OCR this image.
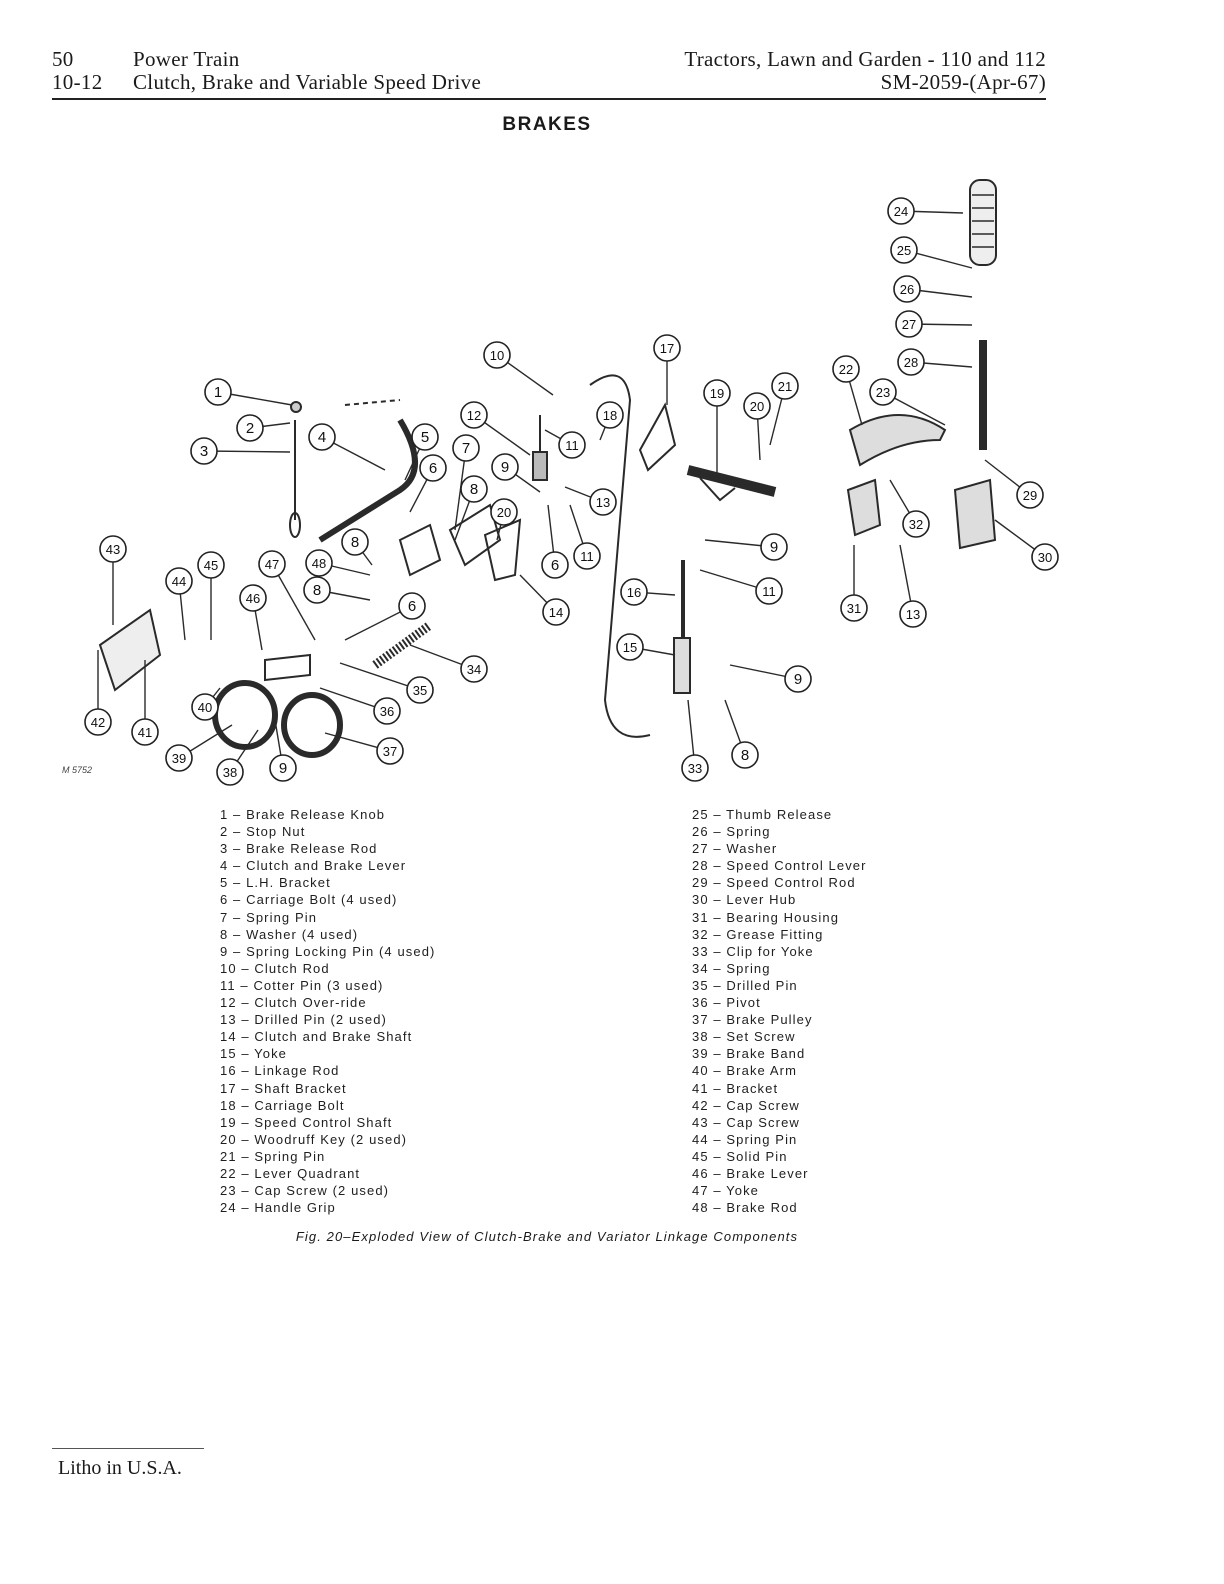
50
10-12
Power Train
Clutch, Brake and Variable Speed Drive
Tractors, Lawn and Garden - 110 and 112
SM-2059-(Apr-67)
BRAKES
1
2
3
4	5
6
7
8
9
10
11
12
13
14
15
16
17
18
19
20
21
22
23
24
25
26
27
28
29
30
31
32
33
34
35
36
37
38
39
40
41
42
43
44
45
46
47	48
8
9
11
6
8
11
9
8
9
13
20
6
M 5752
1 – Brake Release Knob
2 – Stop Nut
3 – Brake Release Rod
4 – Clutch and Brake Lever
5 – L.H. Bracket
6 – Carriage Bolt (4 used)
7 – Spring Pin
8 – Washer (4 used)
9 – Spring Locking Pin (4 used)
10 – Clutch Rod
11 – Cotter Pin (3 used)
12 – Clutch Over-ride
13 – Drilled Pin (2 used)
14 – Clutch and Brake Shaft
15 – Yoke
16 – Linkage Rod
17 – Shaft Bracket
18 – Carriage Bolt
19 – Speed Control Shaft
20 – Woodruff Key (2 used)
21 – Spring Pin
22 – Lever Quadrant
23 – Cap Screw (2 used)
24 – Handle Grip
25 – Thumb Release
26 – Spring
27 – Washer
28 – Speed Control Lever
29 – Speed Control Rod
30 – Lever Hub
31 – Bearing Housing
32 – Grease Fitting
33 – Clip for Yoke
34 – Spring
35 – Drilled Pin
36 – Pivot
37 – Brake Pulley
38 – Set Screw
39 – Brake Band
40 – Brake Arm
41 – Bracket
42 – Cap Screw
43 – Cap Screw
44 – Spring Pin
45 – Solid Pin
46 – Brake Lever
47 – Yoke
48 – Brake Rod
Fig. 20–Exploded View of Clutch-Brake and Variator Linkage Components
Litho in U.S.A.
